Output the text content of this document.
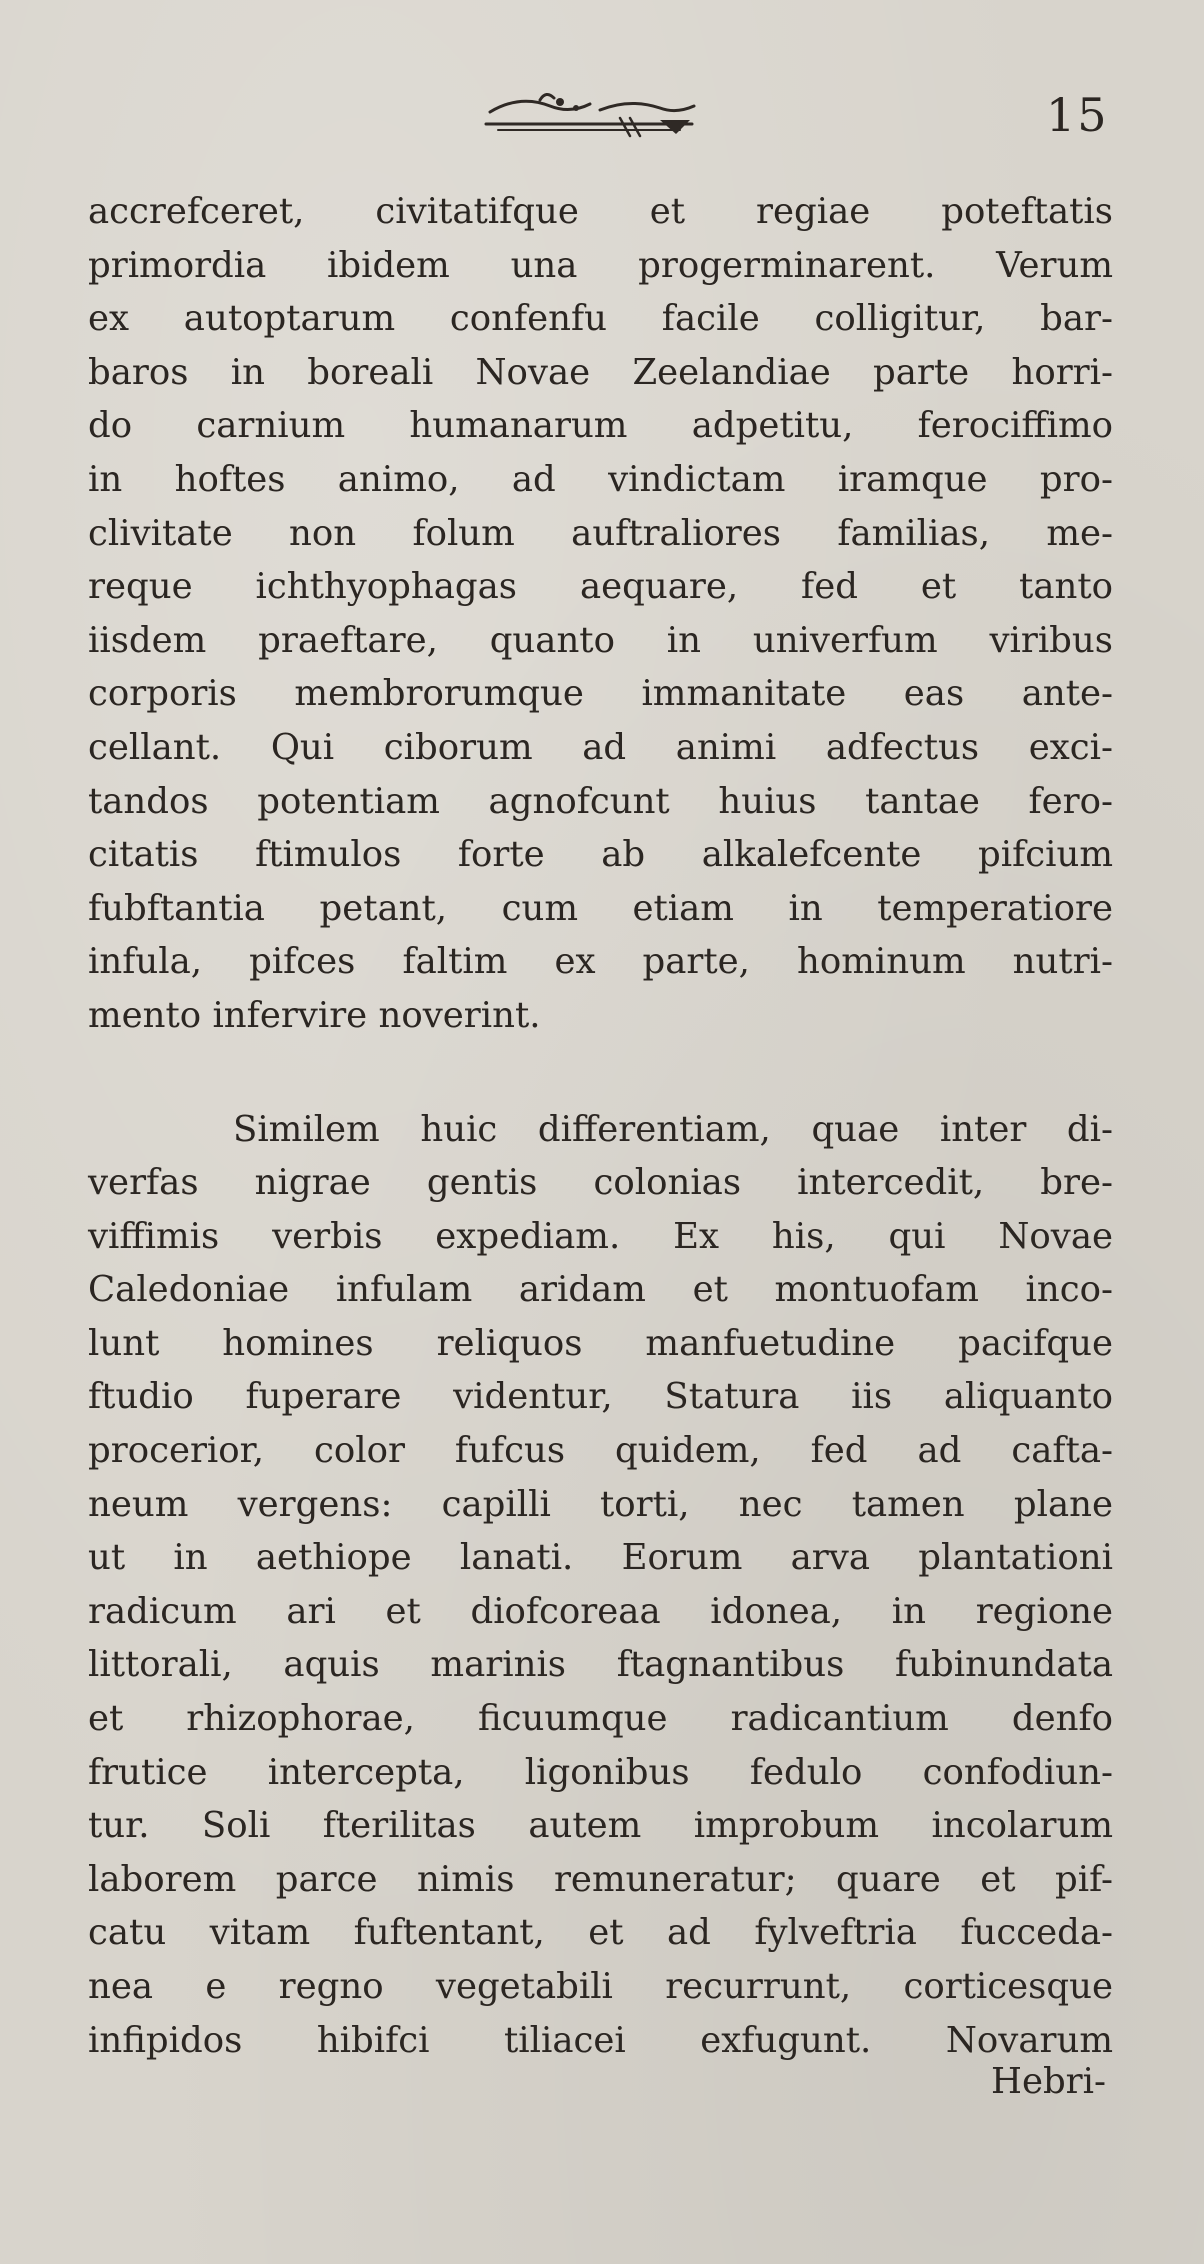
15

accrefceret, civitatifque et regiae poteftatis
primordia ibidem una progerminarent. Verum
ex autoptarum confenfu facile colligitur, bar-
baros in boreali Novae Zeelandiae parte horri-
do carnium humanarum adpetitu, ferociffimo
in hoftes animo, ad vindictam iramque pro-
clivitate non folum auftraliores familias, me-
reque ichthyophagas aequare, fed et tanto
iisdem praeftare, quanto in univerfum viribus
corporis membrorumque immanitate eas ante-
cellant. Qui ciborum ad animi adfectus exci-
tandos potentiam agnofcunt huius tantae fero-
citatis ftimulos forte ab alkalefcente pifcium
fubftantia petant, cum etiam in temperatiore
infula, pifces faltim ex parte, hominum nutri-
mento infervire noverint.

Similem huic differentiam, quae inter di-
verfas nigrae gentis colonias intercedit, bre-
viffimis verbis expediam. Ex his, qui Novae
Caledoniae infulam aridam et montuofam inco-
lunt homines reliquos manfuetudine pacifque
ftudio fuperare videntur, Statura iis aliquanto
procerior, color fufcus quidem, fed ad cafta-
neum vergens: capilli torti, nec tamen plane
ut in aethiope lanati. Eorum arva plantationi
radicum ari et diofcoreaa idonea, in regione
littorali, aquis marinis ftagnantibus fubinundata
et rhizophorae, ficuumque radicantium denfo
frutice intercepta, ligonibus fedulo confodiun-
tur. Soli fterilitas autem improbum incolarum
laborem parce nimis remuneratur; quare et pif-
catu vitam fuftentant, et ad fylveftria fucceda-
nea e regno vegetabili recurrunt, corticesque
infipidos hibifci tiliacei exfugunt. Novarum

Hebri-
